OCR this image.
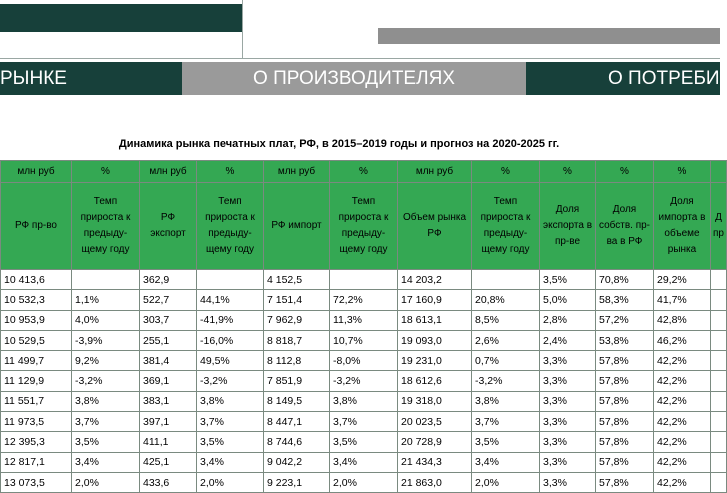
РЫНКЕ	О ПРОИЗВОДИТЕЛЯХ	О ПОТРЕБИ
Динамика рынка печатных плат, РФ, в 2015–2019 годы и прогноз на 2020-2025 гг.
млн руб	%	млн руб	%	млн руб	%	млн руб	%	%	%	%	
РФ пр-во	Темп прироста к предыду-щему году	РФ экспорт	Темп прироста к предыду-щему году	РФ импорт	Темп прироста к предыду-щему году	Объем рынка РФ	Темп прироста к предыду-щему году	Доля экспорта в пр-ве	Доля собств. пр-ва в РФ	Доля импорта в объеме рынка	Д пр
10 413,6		362,9		4 152,5		14 203,2		3,5%	70,8%	29,2%	
10 532,3	1,1%	522,7	44,1%	7 151,4	72,2%	17 160,9	20,8%	5,0%	58,3%	41,7%	
10 953,9	4,0%	303,7	-41,9%	7 962,9	11,3%	18 613,1	8,5%	2,8%	57,2%	42,8%	
10 529,5	-3,9%	255,1	-16,0%	8 818,7	10,7%	19 093,0	2,6%	2,4%	53,8%	46,2%	
11 499,7	9,2%	381,4	49,5%	8 112,8	-8,0%	19 231,0	0,7%	3,3%	57,8%	42,2%	
11 129,9	-3,2%	369,1	-3,2%	7 851,9	-3,2%	18 612,6	-3,2%	3,3%	57,8%	42,2%	
11 551,7	3,8%	383,1	3,8%	8 149,5	3,8%	19 318,0	3,8%	3,3%	57,8%	42,2%	
11 973,5	3,7%	397,1	3,7%	8 447,1	3,7%	20 023,5	3,7%	3,3%	57,8%	42,2%	
12 395,3	3,5%	411,1	3,5%	8 744,6	3,5%	20 728,9	3,5%	3,3%	57,8%	42,2%	
12 817,1	3,4%	425,1	3,4%	9 042,2	3,4%	21 434,3	3,4%	3,3%	57,8%	42,2%	
13 073,5	2,0%	433,6	2,0%	9 223,1	2,0%	21 863,0	2,0%	3,3%	57,8%	42,2%	
